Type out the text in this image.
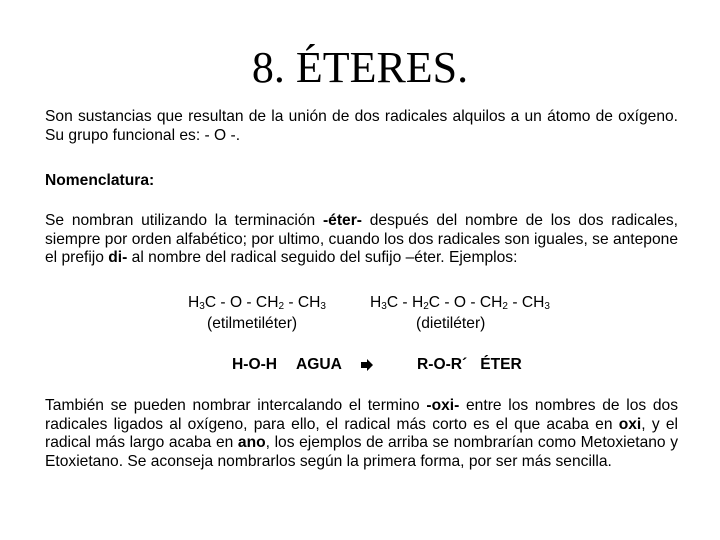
8. ÉTERES.
Son sustancias que resultan de la unión de dos radicales alquilos a un átomo de oxígeno. Su grupo funcional es: - O -.
Nomenclatura:
Se nombran utilizando la terminación -éter- después del nombre de los dos radicales, siempre por orden alfabético; por ultimo, cuando los dos radicales son iguales, se antepone el prefijo di- al nombre del radical seguido del sufijo –éter. Ejemplos:
$H_3C$ - O - $CH_2 - CH_3$	$H_3C - H_2C$ - O - $CH_2 - CH_3$
(etilmetiléter)	(dietiléter)
H-O-H AGUA	R-O-R´ ÉTER
También se pueden nombrar intercalando el termino -oxi- entre los nombres de los dos radicales ligados al oxígeno, para ello, el radical más corto es el que acaba en oxi, y el radical más largo acaba en ano, los ejemplos de arriba se nombrarían como Metoxietano y Etoxietano. Se aconseja nombrarlos según la primera forma, por ser más sencilla.
